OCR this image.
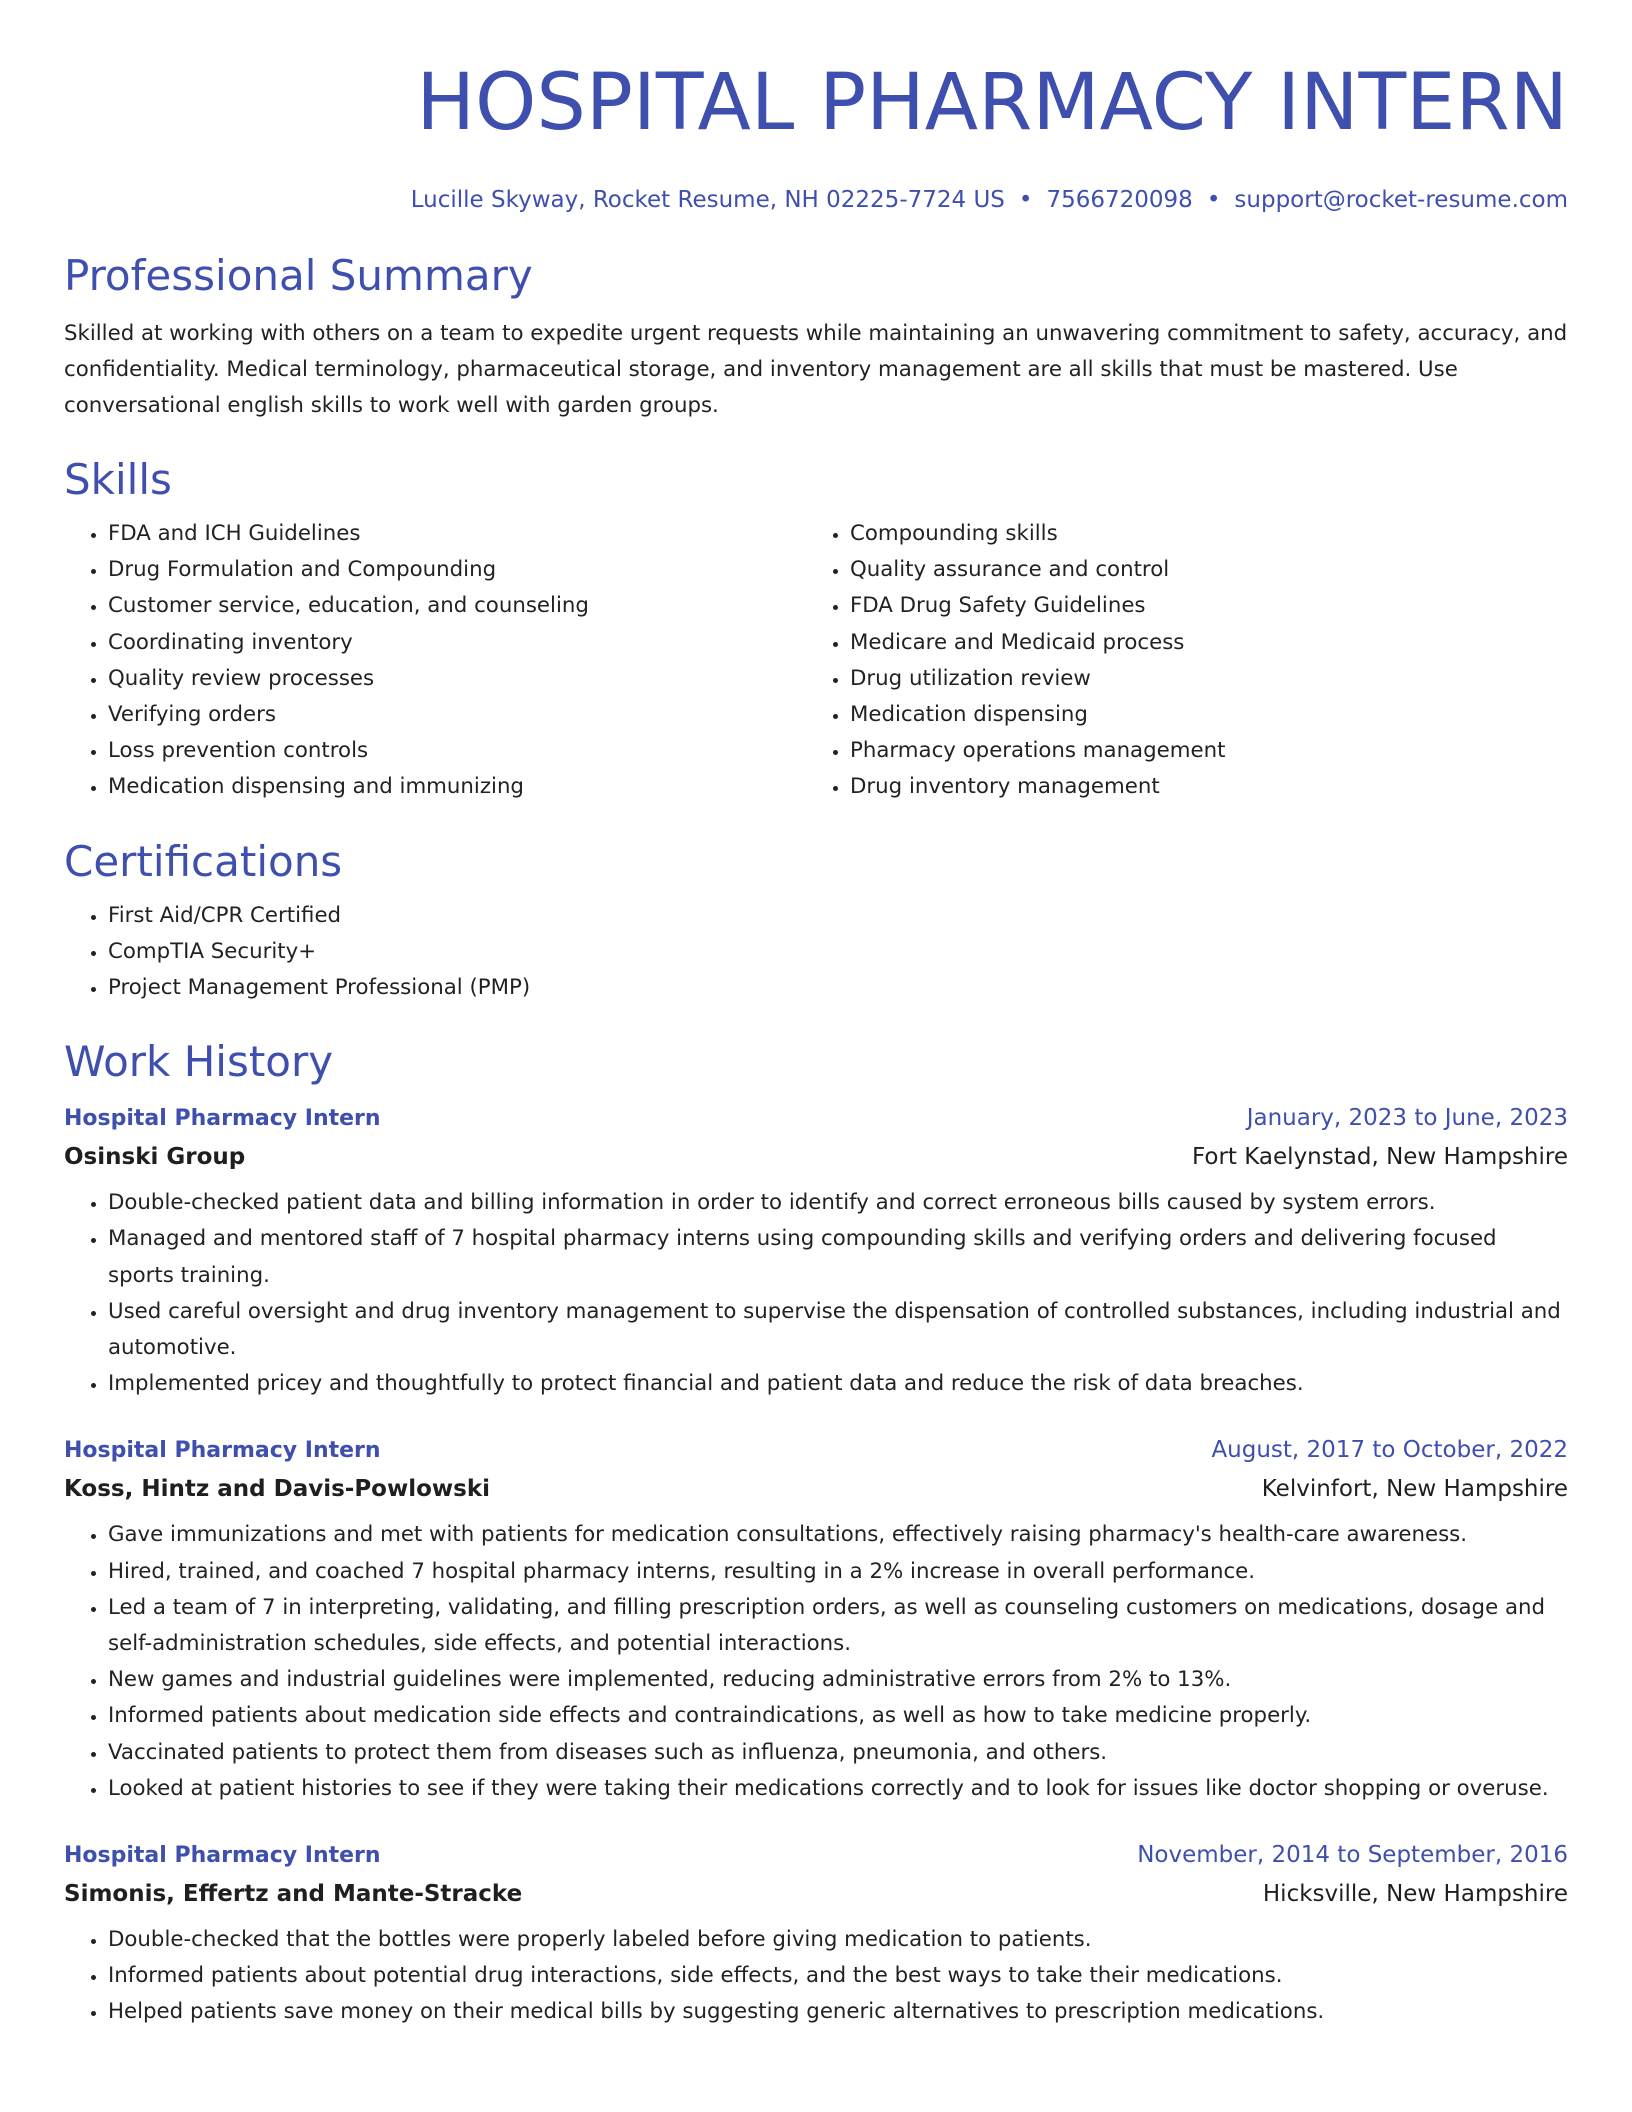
HOSPITAL PHARMACY INTERN
Lucille Skyway, Rocket Resume, NH 02225-7724 US • 7566720098 • support@rocket-resume.com
Professional Summary

Skilled at working with others on a team to expedite urgent requests while maintaining an unwavering commitment to safety, accuracy, and confidentiality. Medical terminology, pharmaceutical storage, and inventory management are all skills that must be mastered. Use conversational english skills to work well with garden groups.

Skills
• FDA and ICH Guidelines
• Drug Formulation and Compounding
• Customer service, education, and counseling
• Coordinating inventory
• Quality review processes
• Verifying orders
• Loss prevention controls
• Medication dispensing and immunizing
• Compounding skills
• Quality assurance and control
• FDA Drug Safety Guidelines
• Medicare and Medicaid process
• Drug utilization review
• Medication dispensing
• Pharmacy operations management
• Drug inventory management
Certifications
• First Aid/CPR Certified
• CompTIA Security+
• Project Management Professional (PMP)
Work History
Hospital Pharmacy Intern	January, 2023 to June, 2023
Osinski Group	Fort Kaelynstad, New Hampshire
• Double-checked patient data and billing information in order to identify and correct erroneous bills caused by system errors.
• Managed and mentored staff of 7 hospital pharmacy interns using compounding skills and verifying orders and delivering focused sports training.
• Used careful oversight and drug inventory management to supervise the dispensation of controlled substances, including industrial and automotive.
• Implemented pricey and thoughtfully to protect financial and patient data and reduce the risk of data breaches.
Hospital Pharmacy Intern	August, 2017 to October, 2022
Koss, Hintz and Davis-Powlowski	Kelvinfort, New Hampshire
• Gave immunizations and met with patients for medication consultations, effectively raising pharmacy's health-care awareness.
• Hired, trained, and coached 7 hospital pharmacy interns, resulting in a 2% increase in overall performance.
• Led a team of 7 in interpreting, validating, and filling prescription orders, as well as counseling customers on medications, dosage and self-administration schedules, side effects, and potential interactions.
• New games and industrial guidelines were implemented, reducing administrative errors from 2% to 13%.
• Informed patients about medication side effects and contraindications, as well as how to take medicine properly.
• Vaccinated patients to protect them from diseases such as influenza, pneumonia, and others.
• Looked at patient histories to see if they were taking their medications correctly and to look for issues like doctor shopping or overuse.
Hospital Pharmacy Intern	November, 2014 to September, 2016
Simonis, Effertz and Mante-Stracke	Hicksville, New Hampshire
• Double-checked that the bottles were properly labeled before giving medication to patients.
• Informed patients about potential drug interactions, side effects, and the best ways to take their medications.
• Helped patients save money on their medical bills by suggesting generic alternatives to prescription medications.
